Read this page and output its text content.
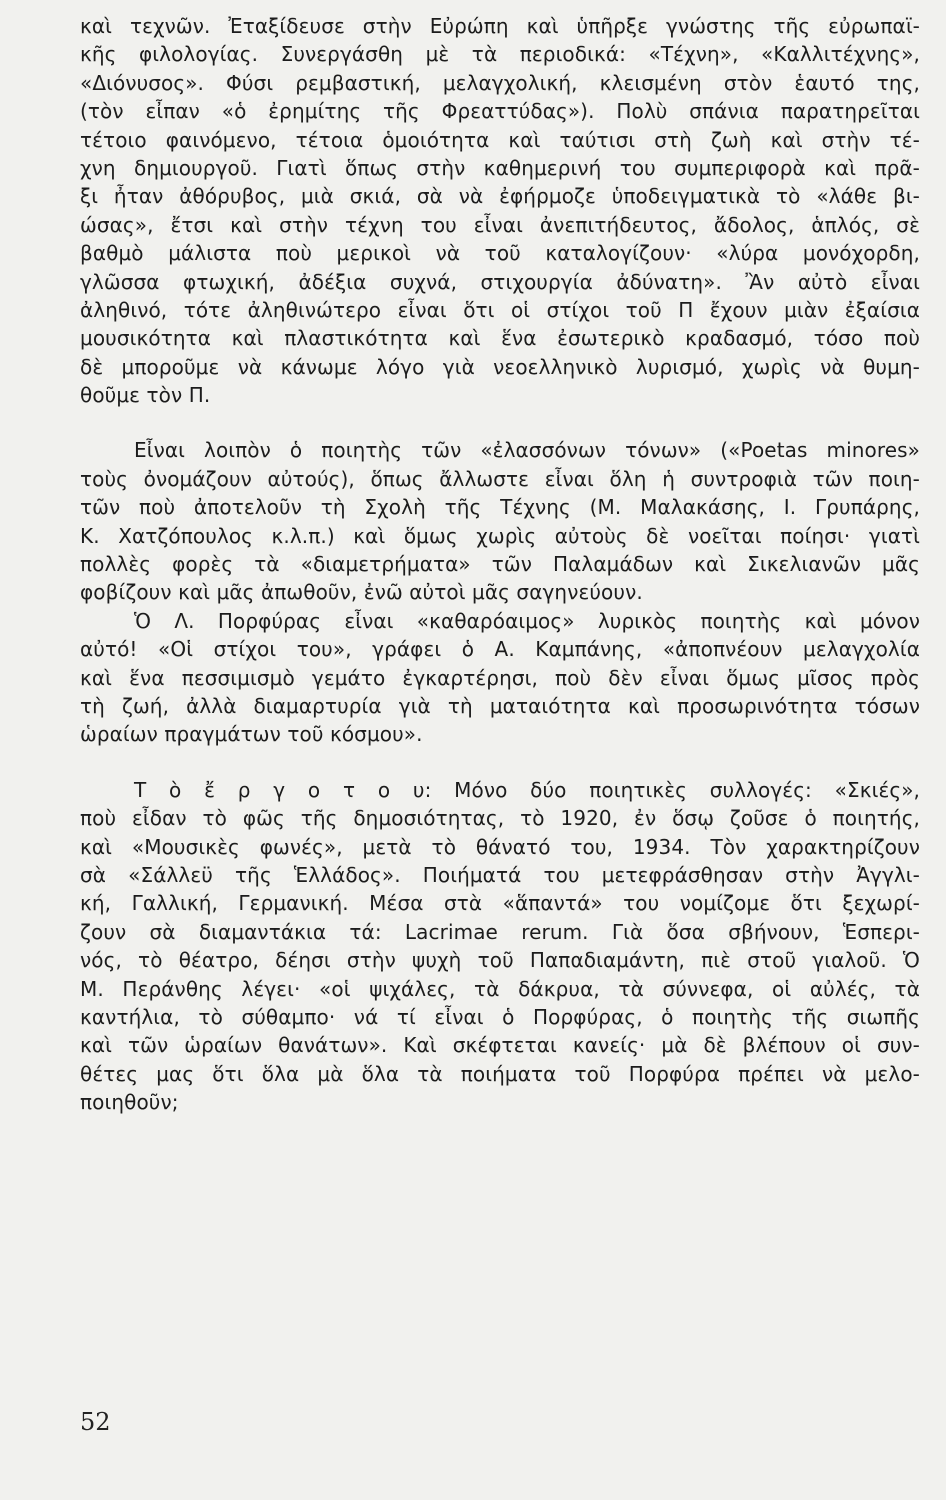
καὶ τεχνῶν. Ἐταξίδευσε στὴν Εὐρώπη καὶ ὑπῆρξε γνώστης τῆς εὐρωπαϊ-
κῆς φιλολογίας. Συνεργάσθη μὲ τὰ περιοδικά: «Τέχνη», «Καλλιτέχνης»,
«Διόνυσος». Φύσι ρεμβαστική, μελαγχολική, κλεισμένη στὸν ἑαυτό της,
(τὸν εἶπαν «ὁ ἐρημίτης τῆς Φρεαττύδας»). Πολὺ σπάνια παρατηρεῖται
τέτοιο φαινόμενο, τέτοια ὁμοιότητα καὶ ταύτισι στὴ ζωὴ καὶ στὴν τέ-
χνη δημιουργοῦ. Γιατὶ ὅπως στὴν καθημερινή του συμπεριφορὰ καὶ πρᾶ-
ξι ἦταν ἀθόρυβος, μιὰ σκιά, σὰ νὰ ἐφήρμοζε ὑποδειγματικὰ τὸ «λάθε βι-
ώσας», ἔτσι καὶ στὴν τέχνη του εἶναι ἀνεπιτήδευτος, ἄδολος, ἁπλός, σὲ
βαθμὸ μάλιστα ποὺ μερικοὶ νὰ τοῦ καταλογίζουν· «λύρα μονόχορδη,
γλῶσσα φτωχική, ἀδέξια συχνά, στιχουργία ἀδύνατη». Ἂν αὐτὸ εἶναι
ἀληθινό, τότε ἀληθινώτερο εἶναι ὅτι οἱ στίχοι τοῦ Π ἔχουν μιὰν ἐξαίσια
μουσικότητα καὶ πλαστικότητα καὶ ἕνα ἐσωτερικὸ κραδασμό, τόσο ποὺ
δὲ μποροῦμε νὰ κάνωμε λόγο γιὰ νεοελληνικὸ λυρισμό, χωρὶς νὰ θυμη-
θοῦμε τὸν Π.
Εἶναι λοιπὸν ὁ ποιητὴς τῶν «ἐλασσόνων τόνων» («Poetas minores»
τοὺς ὀνομάζουν αὐτούς), ὅπως ἄλλωστε εἶναι ὅλη ἡ συντροφιὰ τῶν ποιη-
τῶν ποὺ ἀποτελοῦν τὴ Σχολὴ τῆς Τέχνης (Μ. Μαλακάσης, Ι. Γρυπάρης,
Κ. Χατζόπουλος κ.λ.π.) καὶ ὅμως χωρὶς αὐτοὺς δὲ νοεῖται ποίησι· γιατὶ
πολλὲς φορὲς τὰ «διαμετρήματα» τῶν Παλαμάδων καὶ Σικελιανῶν μᾶς
φοβίζουν καὶ μᾶς ἀπωθοῦν, ἐνῶ αὐτοὶ μᾶς σαγηνεύουν.
Ὁ Λ. Πορφύρας εἶναι «καθαρόαιμος» λυρικὸς ποιητὴς καὶ μόνον
αὐτό! «Οἱ στίχοι του», γράφει ὁ Α. Καμπάνης, «ἀποπνέουν μελαγχολία
καὶ ἕνα πεσσιμισμὸ γεμάτο ἐγκαρτέρησι, ποὺ δὲν εἶναι ὅμως μῖσος πρὸς
τὴ ζωή, ἀλλὰ διαμαρτυρία γιὰ τὴ ματαιότητα καὶ προσωρινότητα τόσων
ὡραίων πραγμάτων τοῦ κόσμου».
Τ ὸ ἔ ρ γ ο τ ο υ: Μόνο δύο ποιητικὲς συλλογές: «Σκιές»,
ποὺ εἶδαν τὸ φῶς τῆς δημοσιότητας, τὸ 1920, ἐν ὅσῳ ζοῦσε ὁ ποιητής,
καὶ «Μουσικὲς φωνές», μετὰ τὸ θάνατό του, 1934. Τὸν χαρακτηρίζουν
σὰ «Σάλλεϋ τῆς Ἑλλάδος». Ποιήματά του μετεφράσθησαν στὴν Ἀγγλι-
κή, Γαλλική, Γερμανική. Μέσα στὰ «ἅπαντά» του νομίζομε ὅτι ξεχωρί-
ζουν σὰ διαμαντάκια τά: Lacrimae rerum. Γιὰ ὅσα σβήνουν, Ἑσπερι-
νός, τὸ θέατρο, δέησι στὴν ψυχὴ τοῦ Παπαδιαμάντη, πιὲ στοῦ γιαλοῦ. Ὁ
Μ. Περάνθης λέγει· «οἱ ψιχάλες, τὰ δάκρυα, τὰ σύννεφα, οἱ αὐλές, τὰ
καντήλια, τὸ σύθαμπο· νά τί εἶναι ὁ Πορφύρας, ὁ ποιητὴς τῆς σιωπῆς
καὶ τῶν ὡραίων θανάτων». Καὶ σκέφτεται κανείς· μὰ δὲ βλέπουν οἱ συν-
θέτες μας ὅτι ὅλα μὰ ὅλα τὰ ποιήματα τοῦ Πορφύρα πρέπει νὰ μελο-
ποιηθοῦν;
52
